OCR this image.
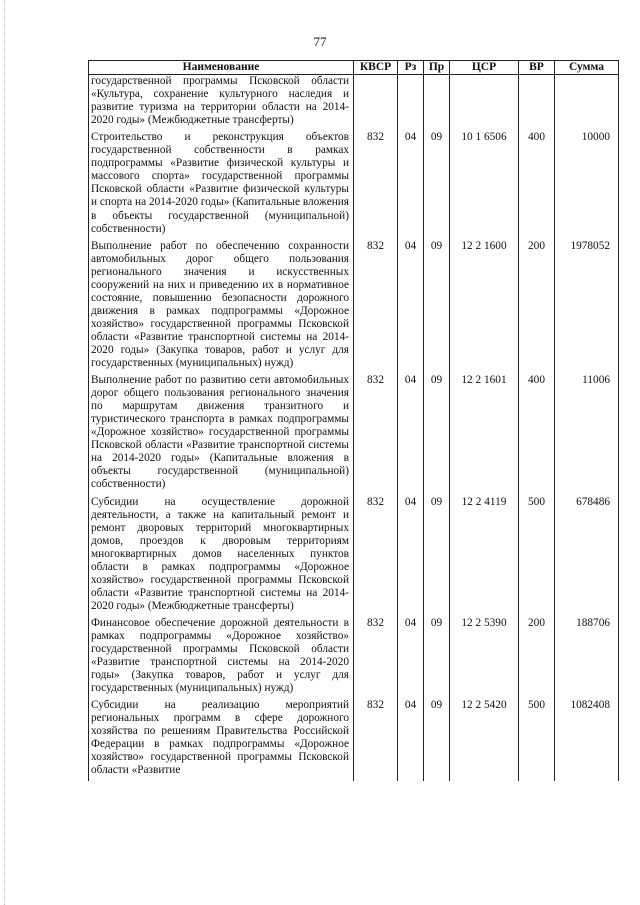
77
Наименование	КВСР	Рз	Пр	ЦСР	ВР	Сумма
государственной программы Псковской области «Культура, сохранение культурного наследия и развитие туризма на территории области на 2014-2020 годы» (Межбюджетные трансферты)						
Строительство и реконструкция объектов государственной собственности в рамках подпрограммы «Развитие физической культуры и массового спорта» государственной программы Псковской области «Развитие физической культуры и спорта на 2014-2020 годы» (Капитальные вложения в объекты государственной (муниципальной) собственности)	832	04	09	10 1 6506	400	10000
Выполнение работ по обеспечению сохранности автомобильных дорог общего пользования регионального значения и искусственных сооружений на них и приведению их в нормативное состояние, повышению безопасности дорожного движения в рамках подпрограммы «Дорожное хозяйство» государственной программы Псковской области «Развитие транспортной системы на 2014-2020 годы» (Закупка товаров, работ и услуг для государственных (муниципальных) нужд)	832	04	09	12 2 1600	200	1978052
Выполнение работ по развитию сети автомобильных дорог общего пользования регионального значения по маршрутам движения транзитного и туристического транспорта в рамках подпрограммы «Дорожное хозяйство» государственной программы Псковской области «Развитие транспортной системы на 2014-2020 годы» (Капитальные вложения в объекты государственной (муниципальной) собственности)	832	04	09	12 2 1601	400	11006
Субсидии на осуществление дорожной деятельности, а также на капитальный ремонт и ремонт дворовых территорий многоквартирных домов, проездов к дворовым территориям многоквартирных домов населенных пунктов области в рамках подпрограммы «Дорожное хозяйство» государственной программы Псковской области «Развитие транспортной системы на 2014-2020 годы» (Межбюджетные трансферты)	832	04	09	12 2 4119	500	678486
Финансовое обеспечение дорожной деятельности в рамках подпрограммы «Дорожное хозяйство» государственной программы Псковской области «Развитие транспортной системы на 2014-2020 годы» (Закупка товаров, работ и услуг для государственных (муниципальных) нужд)	832	04	09	12 2 5390	200	188706
Субсидии на реализацию мероприятий региональных программ в сфере дорожного хозяйства по решениям Правительства Российской Федерации в рамках подпрограммы «Дорожное хозяйство» государственной программы Псковской области «Развитие	832	04	09	12 2 5420	500	1082408
